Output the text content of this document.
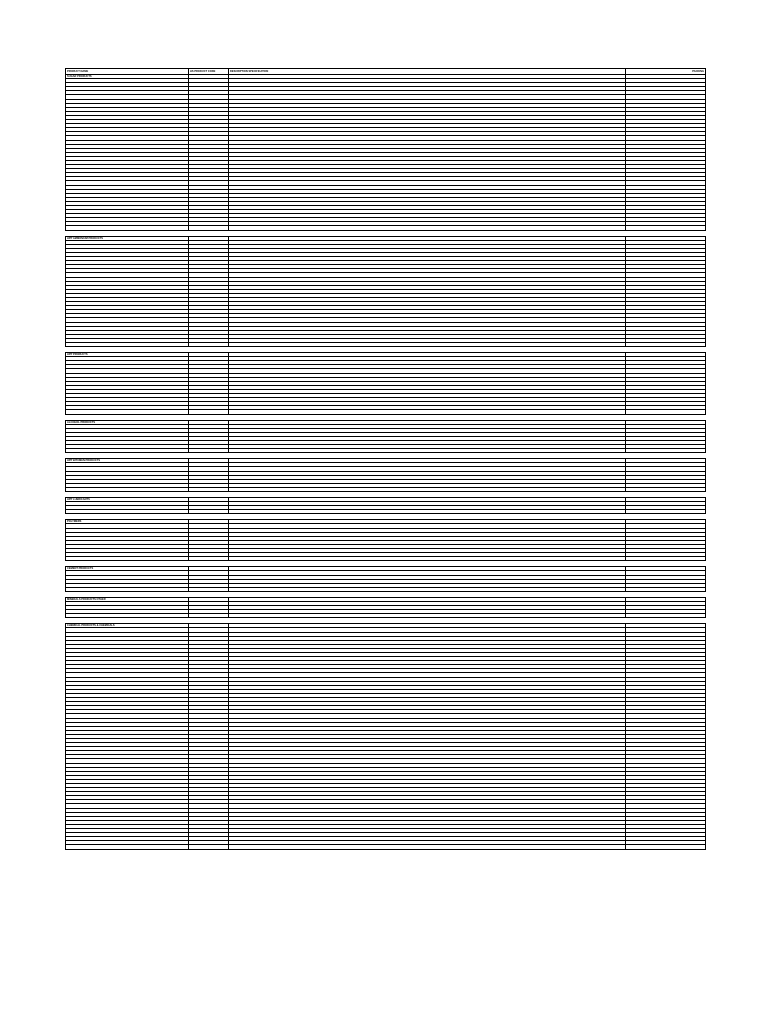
PRODUCT NAME	HS PRODUCT CODE	DESCRIPTION SPECIFICATION	PACKING
SUGAR PRODUCTS			

HPP AMMONIUM PRODUCTS			

HPP PRODUCTS			

ALCOHOL PRODUCTS			

HPP BITUMEN PRODUCTS			

HPP LUBRICANTS			

POLYMERS			

CEMENT PRODUCTS			

MINERALS PRODUCTS OTHER			

CHEMICAL PRODUCTS & CHEMICALS			
